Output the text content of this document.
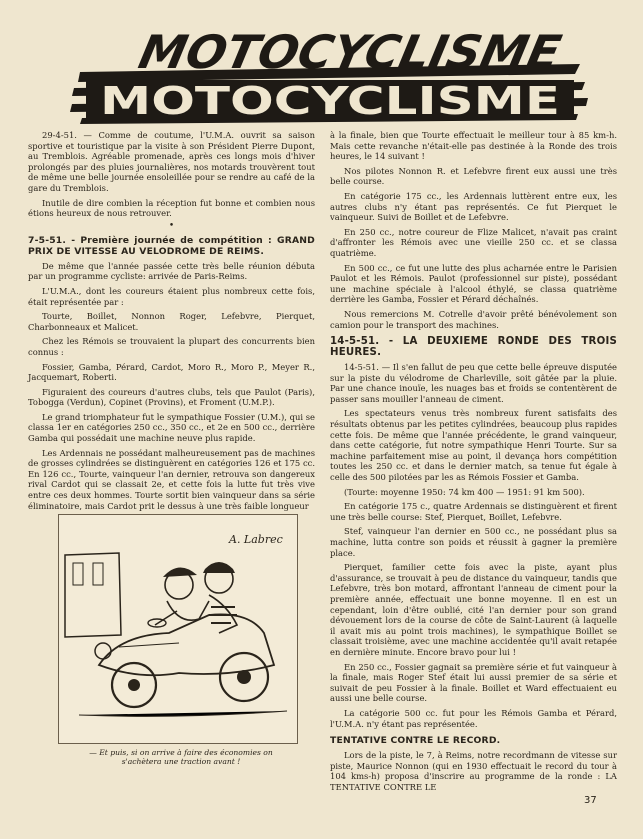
MOTOCYCLISME
MOTOCYCLISME

29-4-51. — Comme de coutume, l'U.M.A. ouvrit sa saison sportive et touristique par la visite à son Président Pierre Dupont, au Tremblois. Agréable promenade, après ces longs mois d'hiver prolongés par des pluies journalières, nos motards trouvèrent tout de même une belle journée ensoleillée pour se rendre au café de la gare du Tremblois.

Inutile de dire combien la réception fut bonne et combien nous étions heureux de nous retrouver.

•
7-5-51. - Première journée de compétition : GRAND PRIX DE VITESSE AU VELODROME DE REIMS.

De même que l'année passée cette très belle réunion débuta par un programme cycliste: arrivée de Paris-Reims.

L'U.M.A., dont les coureurs étaient plus nombreux cette fois, était représentée par :

Tourte, Boillet, Nonnon Roger, Lefebvre, Pierquet, Charbonneaux et Malicet.

Chez les Rémois se trouvaient la plupart des concurrents bien connus :

Fossier, Gamba, Pérard, Cardot, Moro R., Moro P., Meyer R., Jacquemart, Roberti.

Figuraient des coureurs d'autres clubs, tels que Paulot (Paris), Tobogga (Verdun), Copinet (Provins), et Froment (U.M.P.).

Le grand triomphateur fut le sympathique Fossier (U.M.), qui se classa 1er en catégories 250 cc., 350 cc., et 2e en 500 cc., derrière Gamba qui possédait une machine neuve plus rapide.

Les Ardennais ne possédant malheureusement pas de machines de grosses cylindrées se distinguèrent en catégories 126 et 175 cc. En 126 cc., Tourte, vainqueur l'an dernier, retrouva son dangereux rival Cardot qui se classait 2e, et cette fois la lutte fut très vive entre ces deux hommes. Tourte sortit bien vainqueur dans sa série éliminatoire, mais Cardot prit le dessus à une très faible longueur

A. Labrec
— Et puis, si on arrive à faire des économies on s'achètera une traction avant !

à la finale, bien que Tourte effectuait le meilleur tour à 85 km-h. Mais cette revanche n'était-elle pas destinée à la Ronde des trois heures, le 14 suivant !

Nos pilotes Nonnon R. et Lefebvre firent eux aussi une très belle course.

En catégorie 175 cc., les Ardennais luttèrent entre eux, les autres clubs n'y étant pas représentés. Ce fut Pierquet le vainqueur. Suivi de Boillet et de Lefebvre.

En 250 cc., notre coureur de Flize Malicet, n'avait pas craint d'affronter les Rémois avec une vieille 250 cc. et se classa quatrième.

En 500 cc., ce fut une lutte des plus acharnée entre le Parisien Paulot et les Rémois. Paulot (professionnel sur piste), possédant une machine spéciale à l'alcool éthylé, se classa quatrième derrière les Gamba, Fossier et Pérard déchaînés.

Nous remercions M. Cotrelle d'avoir prêté bénévolement son camion pour le transport des machines.

14-5-51. - LA DEUXIEME RONDE DES TROIS HEURES.

14-5-51. — Il s'en fallut de peu que cette belle épreuve disputée sur la piste du vélodrome de Charleville, soit gâtée par la pluie. Par une chance inouïe, les nuages bas et froids se contentèrent de passer sans mouiller l'anneau de ciment.

Les spectateurs venus très nombreux furent satisfaits des résultats obtenus par les petites cylindrées, beaucoup plus rapides cette fois. De même que l'année précédente, le grand vainqueur, dans cette catégorie, fut notre sympathique Henri Tourte. Sur sa machine parfaitement mise au point, il devança hors compétition toutes les 250 cc. et dans le dernier match, sa tenue fut égale à celle des 500 pilotées par les as Rémois Fossier et Gamba.

(Tourte: moyenne 1950: 74 km 400 — 1951: 91 km 500).

En catégorie 175 c., quatre Ardennais se distinguèrent et firent une très belle course: Stef, Pierquet, Boillet, Lefebvre.

Stef, vainqueur l'an dernier en 500 cc., ne possédant plus sa machine, lutta contre son poids et réussit à gagner la première place.

Pierquet, familier cette fois avec la piste, ayant plus d'assurance, se trouvait à peu de distance du vainqueur, tandis que Lefebvre, très bon motard, affrontant l'anneau de ciment pour la première année, effectuait une bonne moyenne. Il en est un cependant, loin d'être oublié, cité l'an dernier pour son grand dévouement lors de la course de côte de Saint-Laurent (à laquelle il avait mis au point trois machines), le sympathique Boillet se classait troisième, avec une machine accidentée qu'il avait retapée en dernière minute. Encore bravo pour lui !

En 250 cc., Fossier gagnait sa première série et fut vainqueur à la finale, mais Roger Stef était lui aussi premier de sa série et suivait de peu Fossier à la finale. Boillet et Ward effectuaient eu aussi une belle course.

La catégorie 500 cc. fut pour les Rémois Gamba et Pérard, l'U.M.A. n'y étant pas représentée.

TENTATIVE CONTRE LE RECORD.

Lors de la piste, le 7, à Reims, notre recordmann de vitesse sur piste, Maurice Nonnon (qui en 1930 effectuait le record du tour à 104 kms-h) proposa d'inscrire au programme de la ronde : LA TENTATIVE CONTRE LE

37
